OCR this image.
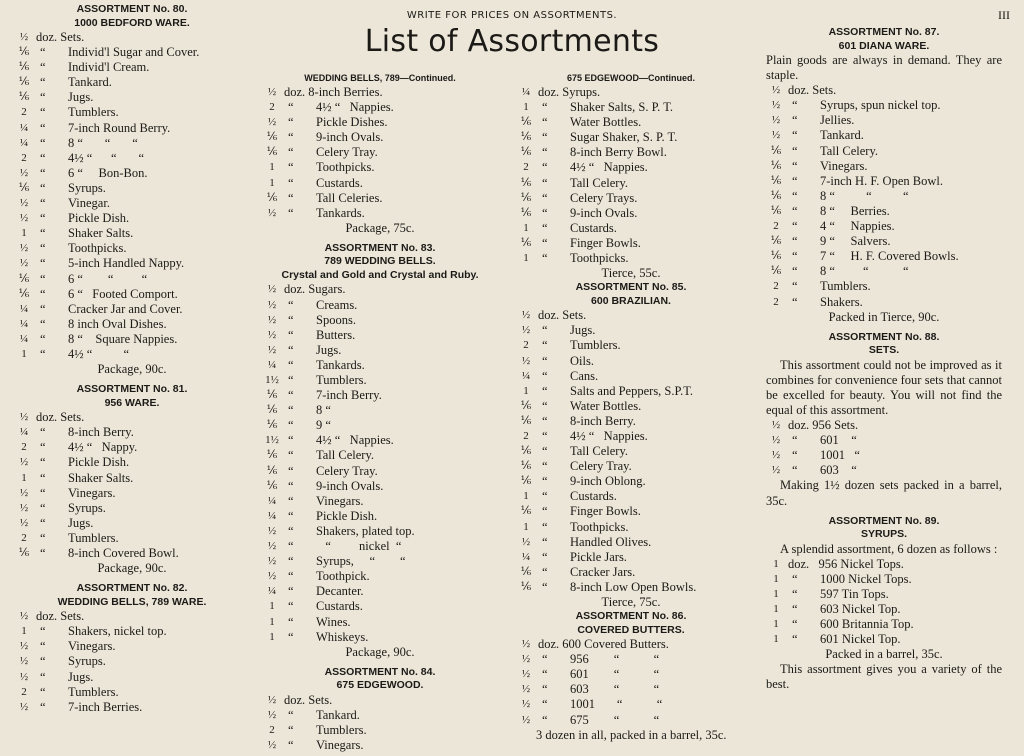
WRITE FOR PRICES ON ASSORTMENTS.	III
List of Assortments
ASSORTMENT No. 80.
1000 BEDFORD WARE.
½ doz. Sets.
⅙ “ Individ'l Sugar and Cover.
⅙ “ Individ'l Cream.
⅙ “ Tankard.
⅙ “ Jugs.
2	“ Tumblers.
¼ “ 7-inch Round Berry.
¼ “ 8 “       “       “
2	“ 4½ “      “       “
½ “ 6 “     Bon-Bon.
⅙ “ Syrups.
½ “ Vinegar.
½ “ Pickle Dish.
1	“ Shaker Salts.
½ “ Toothpicks.
½ “ 5-inch Handled Nappy.
⅙ “ 6 “        “         “
⅙ “ 6 “   Footed Comport.
¼ “ Cracker Jar and Cover.
¼ “ 8 inch Oval Dishes.
¼ “ 8 “    Square Nappies.
1	“ 4½ “          “
Package, 90c.
ASSORTMENT No. 81.
956 WARE.
½ doz. Sets.
¼ “ 8-inch Berry.
2	“ 4½ “   Nappy.
½ “ Pickle Dish.
1	“ Shaker Salts.
½ “ Vinegars.
½ “ Syrups.
½ “ Jugs.
2	“ Tumblers.
⅙ “ 8-inch Covered Bowl.
Package, 90c.
ASSORTMENT No. 82.
WEDDING BELLS, 789 WARE.
½ doz. Sets.
1	“ Shakers, nickel top.
½ “ Vinegars.
½ “ Syrups.
½ “ Jugs.
2	“ Tumblers.
½ “ 7-inch Berries.
WEDDING BELLS, 789—Continued.
½ doz. 8-inch Berries.
2	“ 4½ “   Nappies.
½ “ Pickle Dishes.
⅙ “ 9-inch Ovals.
⅙ “ Celery Tray.
1	“ Toothpicks.
1	“ Custards.
⅙ “ Tall Celeries.
½ “ Tankards.
Package, 75c.
ASSORTMENT No. 83.
789 WEDDING BELLS.
Crystal and Gold and Crystal and Ruby.
½ doz. Sugars.
½ “ Creams.
½ “ Spoons.
½ “ Butters.
½ “ Jugs.
¼ “ Tankards.
1½ “ Tumblers.
⅙ “ 7-inch Berry.
⅙ “ 8 “
⅙ “ 9 “
1½ “ 4½ “   Nappies.
⅙ “ Tall Celery.
⅙ “ Celery Tray.
⅙ “ 9-inch Ovals.
¼ “ Vinegars.
¼ “ Pickle Dish.
½ “ Shakers, plated top.
½ “ “         nickel  “
½ “ Syrups,     “        “
½ “ Toothpick.
¼ “ Decanter.
1	“ Custards.
1	“ Wines.
1	“ Whiskeys.
Package, 90c.
ASSORTMENT No. 84.
675 EDGEWOOD.
½ doz. Sets.
½ “ Tankard.
2	“ Tumblers.
½ “ Vinegars.
675 EDGEWOOD—Continued.
¼ doz. Syrups.
1	“ Shaker Salts, S. P. T.
⅙ “ Water Bottles.
⅙ “ Sugar Shaker, S. P. T.
⅙ “ 8-inch Berry Bowl.
2	“ 4½ “   Nappies.
⅙ “ Tall Celery.
⅙ “ Celery Trays.
⅙ “ 9-inch Ovals.
1	“ Custards.
⅙ “ Finger Bowls.
1	“ Toothpicks.
Tierce, 55c.
ASSORTMENT No. 85.
600 BRAZILIAN.
½ doz. Sets.
½ “ Jugs.
2	“ Tumblers.
½ “ Oils.
¼ “ Cans.
1	“ Salts and Peppers, S.P.T.
⅙ “ Water Bottles.
⅙ “ 8-inch Berry.
2	“ 4½ “   Nappies.
⅙ “ Tall Celery.
⅙ “ Celery Tray.
⅙ “ 9-inch Oblong.
1	“ Custards.
⅙ “ Finger Bowls.
1	“ Toothpicks.
½ “ Handled Olives.
¼ “ Pickle Jars.
⅙ “ Cracker Jars.
⅙ “ 8-inch Low Open Bowls.
Tierce, 75c.
ASSORTMENT No. 86.
COVERED BUTTERS.
½ doz. 600 Covered Butters.
½ “ 956        “           “
½ “ 601        “           “
½ “ 603        “           “
½ “ 1001       “           “
½ “ 675        “           “
3 dozen in all, packed in a barrel, 35c.
ASSORTMENT No. 87.
601 DIANA WARE.
Plain goods are always in demand. They are staple.
½ doz. Sets.
½ “ Syrups, spun nickel top.
½ “ Jellies.
½ “ Tankard.
⅙ “ Tall Celery.
⅙ “ Vinegars.
⅙ “ 7-inch H. F. Open Bowl.
⅙ “ 8 “          “          “
⅙ “ 8 “     Berries.
2	“ 4 “     Nappies.
⅙ “ 9 “     Salvers.
⅙ “ 7 “     H. F. Covered Bowls.
⅙ “ 8 “         “           “
2	“ Tumblers.
2	“ Shakers.
Packed in Tierce, 90c.
ASSORTMENT No. 88.
SETS.
This assortment could not be improved as it combines for convenience four sets that cannot be excelled for beauty. You will not find the equal of this assortment.
½ doz. 956 Sets.
½ “ 601    “
½ “ 1001   “
½ “ 603    “
Making 1½ dozen sets packed in a barrel, 35c.
ASSORTMENT No. 89.
SYRUPS.
A splendid assortment, 6 dozen as follows :
1 doz.   956 Nickel Tops.
1	“ 1000 Nickel Tops.
1	“ 597 Tin Tops.
1	“ 603 Nickel Top.
1	“ 600 Britannia Top.
1	“ 601 Nickel Top.
Packed in a barrel, 35c.
This assortment gives you a variety of the best.
